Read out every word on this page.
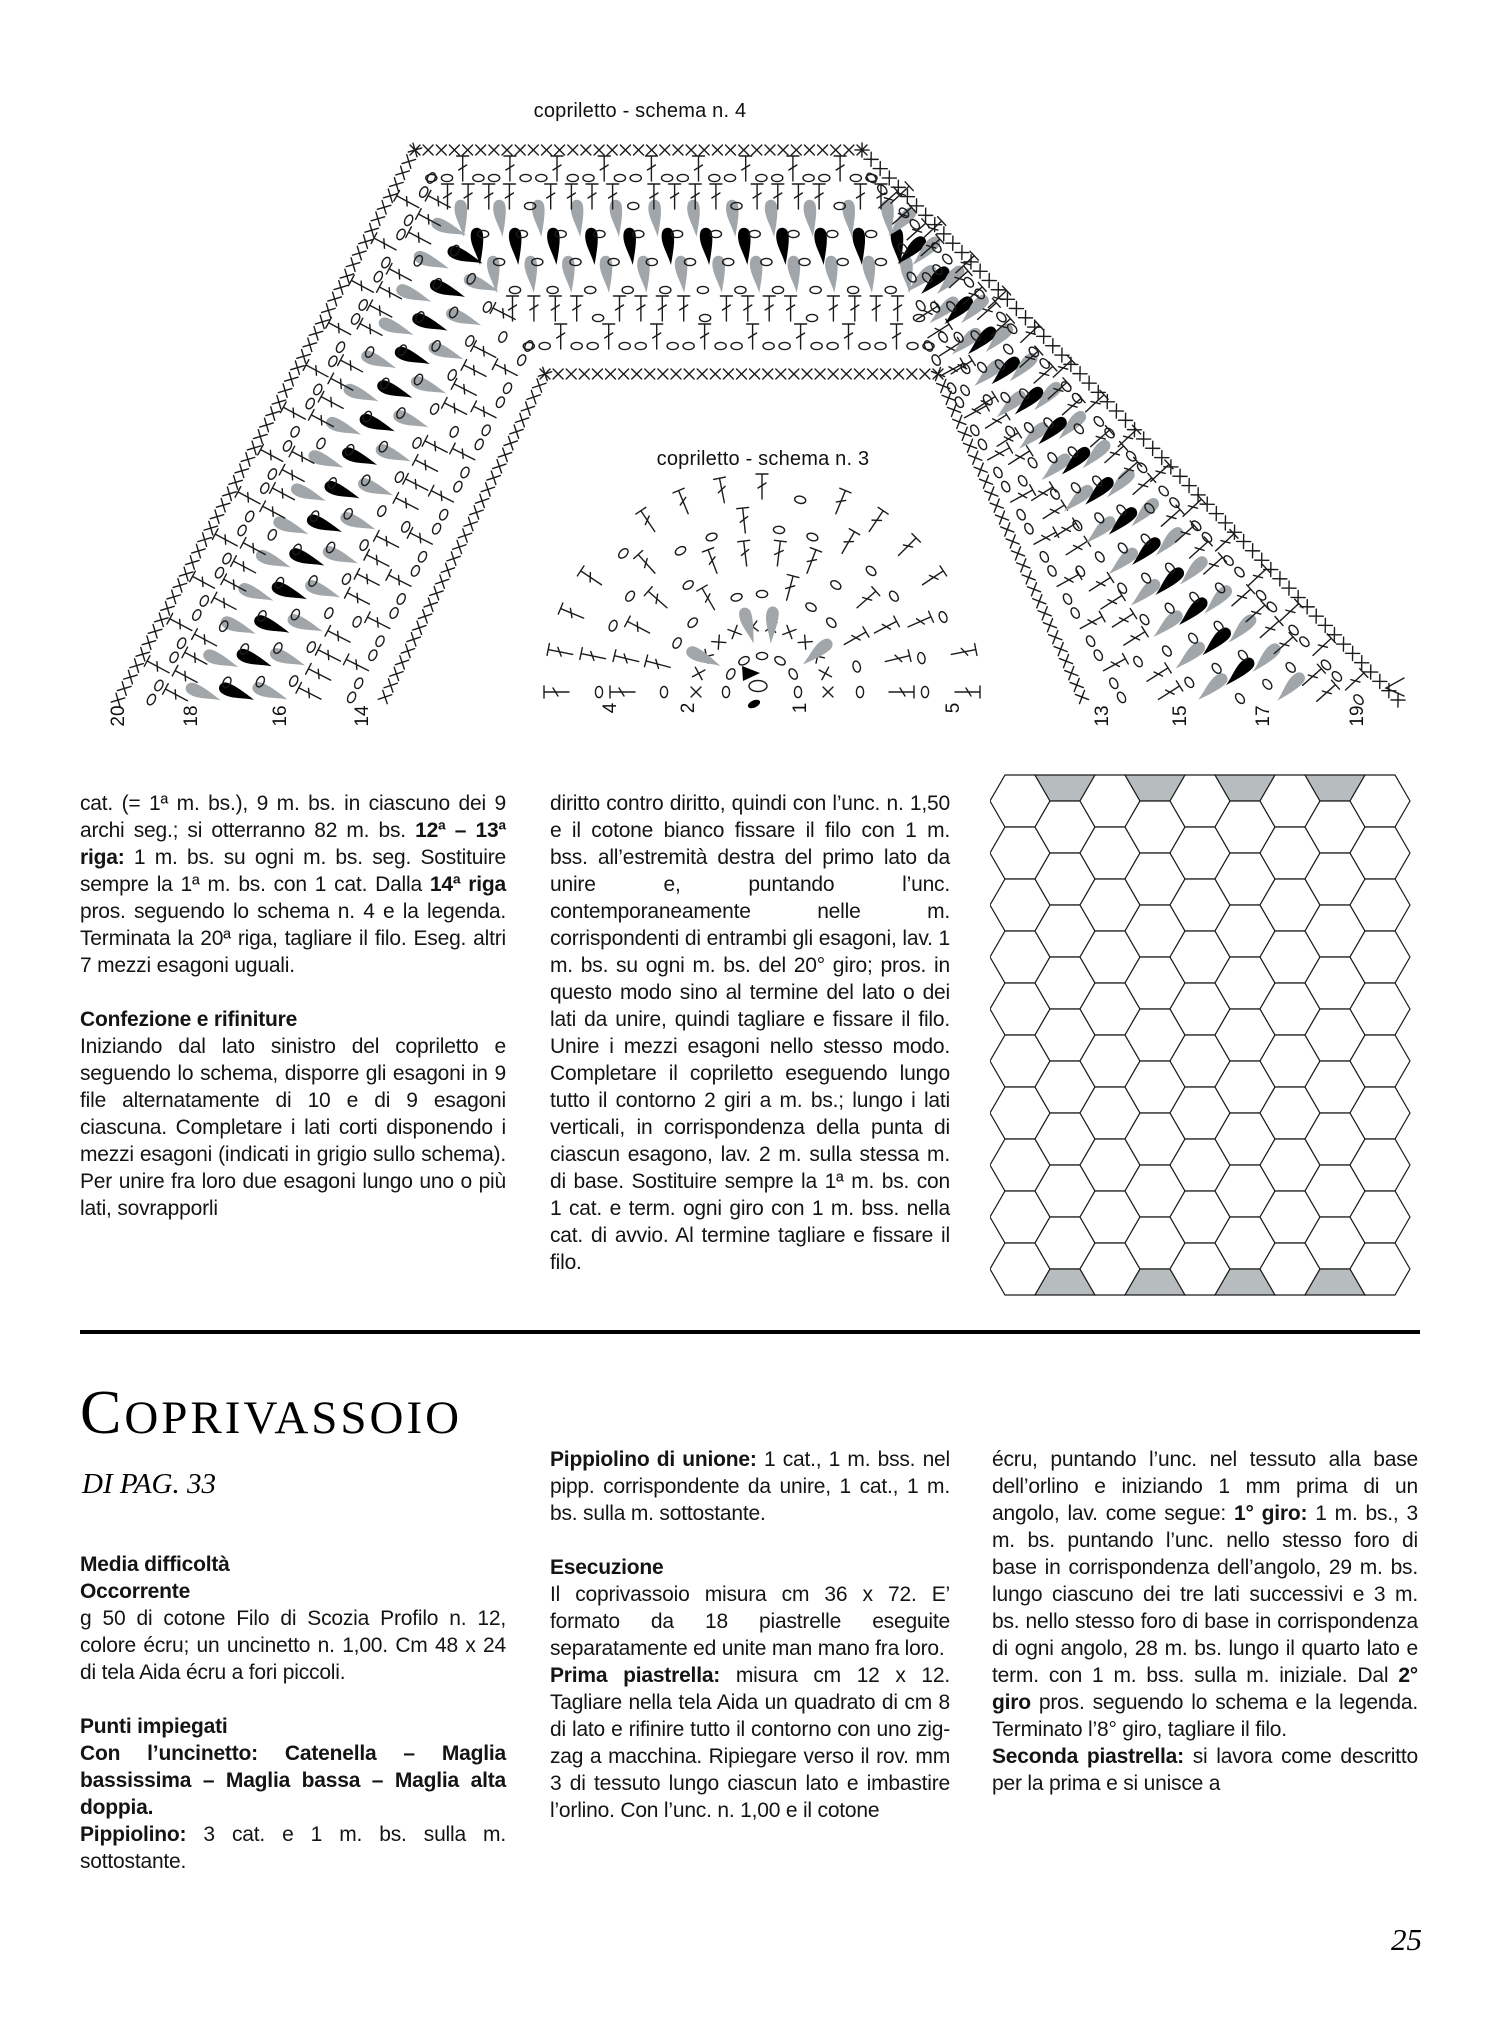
20	18	16	14	13	15	17	19
4	2	1	5
copriletto - schema n. 4
copriletto - schema n. 3

cat. (= 1ª m. bs.), 9 m. bs. in ciascuno dei 9 archi seg.; si otterranno 82 m. bs. 12ª – 13ª riga: 1 m. bs. su ogni m. bs. seg. Sostituire sempre la 1ª m. bs. con 1 cat. Dalla 14ª riga pros. seguendo lo schema n. 4 e la legenda. Terminata la 20ª riga, tagliare il filo. Eseg. altri 7 mezzi esagoni uguali.

Confezione e rifiniture

Iniziando dal lato sinistro del copriletto e seguendo lo schema, disporre gli esagoni in 9 file alternatamente di 10 e di 9 esagoni ciascuna. Completare i lati corti disponendo i mezzi esagoni (indicati in grigio sullo schema). Per unire fra loro due esagoni lungo uno o più lati, sovrapporli

diritto contro diritto, quindi con l’unc. n. 1,50 e il cotone bianco fissare il filo con 1 m. bss. all’estremità destra del primo lato da unire e, puntando l’unc. contemporaneamente nelle m. corrispondenti di entrambi gli esagoni, lav. 1 m. bs. su ogni m. bs. del 20° giro; pros. in questo modo sino al termine del lato o dei lati da unire, quindi tagliare e fissare il filo. Unire i mezzi esagoni nello stesso modo. Completare il copriletto eseguendo lungo tutto il contorno 2 giri a m. bs.; lungo i lati verticali, in corrispondenza della punta di ciascun esagono, lav. 2 m. sulla stessa m. di base. Sostituire sempre la 1ª m. bs. con 1 cat. e term. ogni giro con 1 m. bss. nella cat. di avvio. Al termine tagliare e fissare il filo.

COPRIVASSOIO
DI PAG. 33
Media difficoltà
Occorrente

g 50 di cotone Filo di Scozia Profilo n. 12, colore écru; un uncinetto n. 1,00. Cm 48 x 24 di tela Aida écru a fori piccoli.

Punti impiegati

Con l’uncinetto: Catenella – Maglia bassissima – Maglia bassa – Maglia alta doppia.

Pippiolino: 3 cat. e 1 m. bs. sulla m. sottostante.

Pippiolino di unione: 1 cat., 1 m. bss. nel pipp. corrispondente da unire, 1 cat., 1 m. bs. sulla m. sottostante.

Esecuzione

Il coprivassoio misura cm 36 x 72. E’ formato da 18 piastrelle eseguite separatamente ed unite man mano fra loro.

Prima piastrella: misura cm 12 x 12. Tagliare nella tela Aida un quadrato di cm 8 di lato e rifinire tutto il contorno con uno zig-zag a macchina. Ripiegare verso il rov. mm 3 di tessuto lungo ciascun lato e imbastire l’orlino. Con l’unc. n. 1,00 e il cotone

écru, puntando l’unc. nel tessuto alla base dell’orlino e iniziando 1 mm prima di un angolo, lav. come segue: 1° giro: 1 m. bs., 3 m. bs. puntando l’unc. nello stesso foro di base in corrispondenza dell’angolo, 29 m. bs. lungo ciascuno dei tre lati successivi e 3 m. bs. nello stesso foro di base in corrispondenza di ogni angolo, 28 m. bs. lungo il quarto lato e term. con 1 m. bss. sulla m. iniziale. Dal 2° giro pros. seguendo lo schema e la legenda. Terminato l’8° giro, tagliare il filo.

Seconda piastrella: si lavora come descritto per la prima e si unisce a

25
